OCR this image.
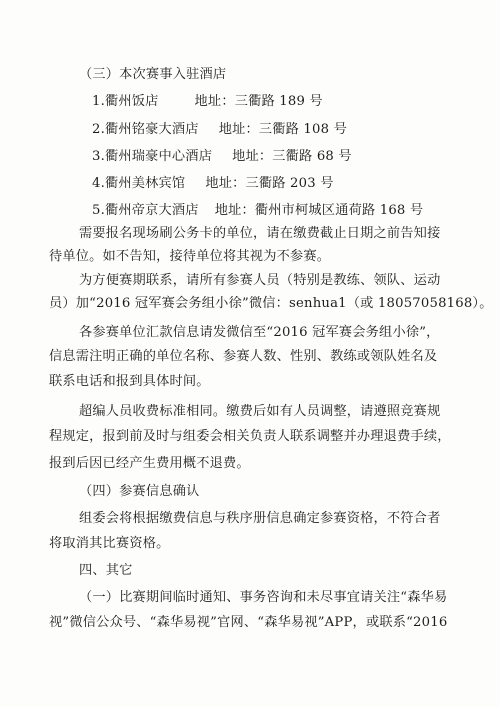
（三）本次赛事入驻酒店
1.衢州饭店	地址：三衢路 189 号
2.衢州铭豪大酒店 地址：三衢路 108 号
3.衢州瑞豪中心酒店 地址：三衢路 68 号
4.衢州美林宾馆 地址：三衢路 203 号
5.衢州帝京大酒店 地址：衢州市柯城区通荷路 168 号
需要报名现场刷公务卡的单位，请在缴费截止日期之前告知接
待单位。如不告知，接待单位将其视为不参赛。
为方便赛期联系，请所有参赛人员（特别是教练、领队、运动
员）加“2016 冠军赛会务组小徐”微信：senhua1（或 18057058168）。
各参赛单位汇款信息请发微信至“2016 冠军赛会务组小徐”，
信息需注明正确的单位名称、参赛人数、性别、教练或领队姓名及
联系电话和报到具体时间。
超编人员收费标准相同。缴费后如有人员调整，请遵照竞赛规
程规定，报到前及时与组委会相关负责人联系调整并办理退费手续，
报到后因已经产生费用概不退费。
（四）参赛信息确认
组委会将根据缴费信息与秩序册信息确定参赛资格，不符合者
将取消其比赛资格。
四、其它
（一）比赛期间临时通知、事务咨询和未尽事宜请关注“森华易
视”微信公众号、“森华易视”官网、“森华易视”APP，或联系“2016
